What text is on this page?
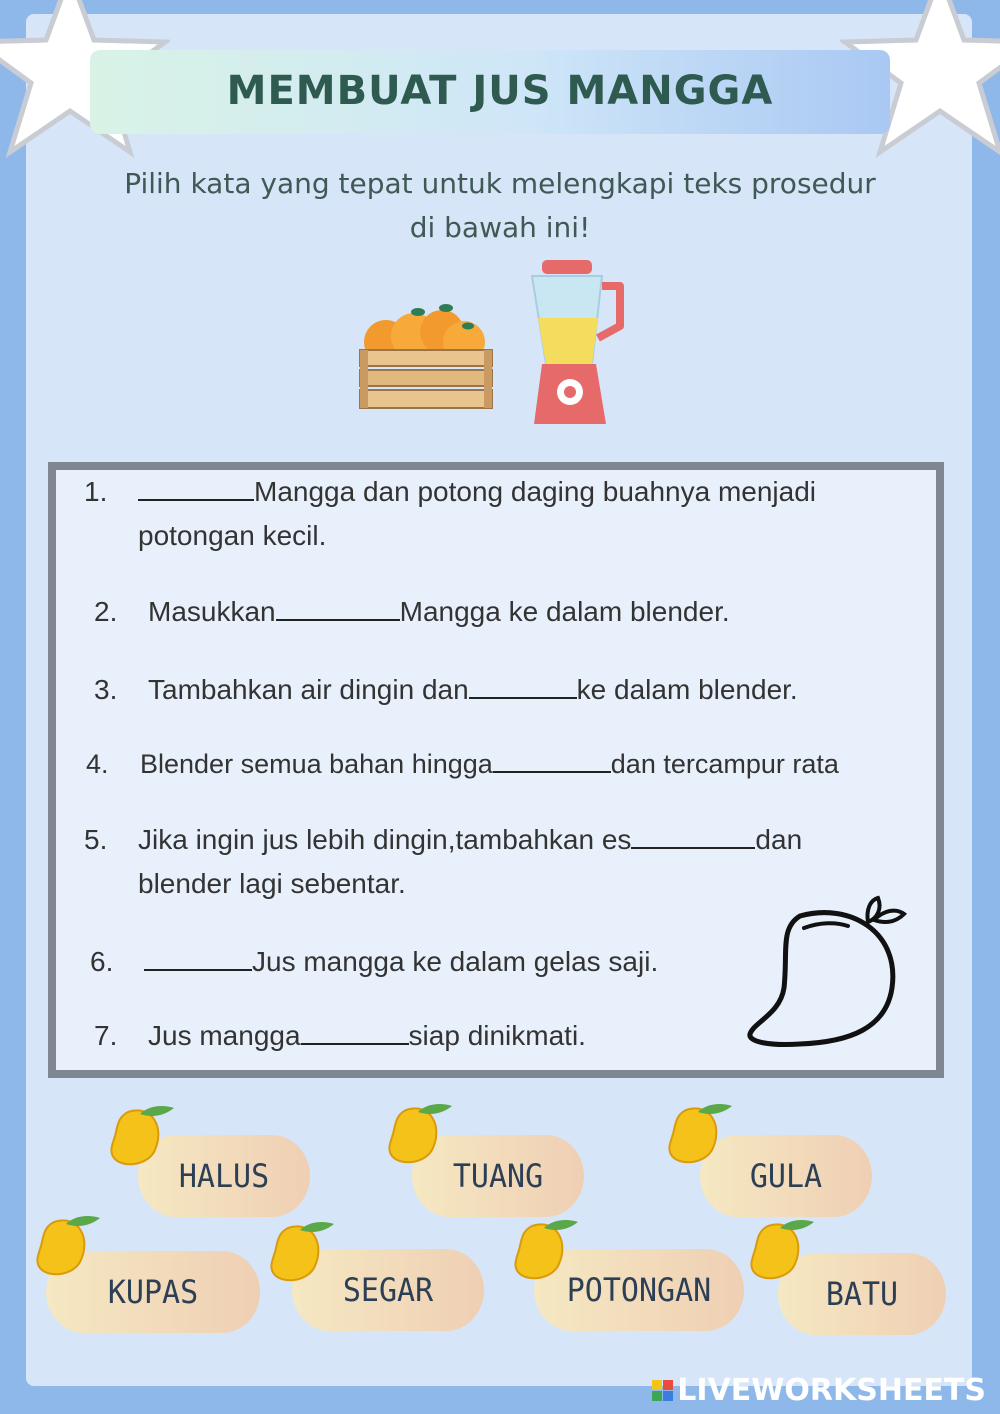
MEMBUAT JUS MANGGA
Pilih kata yang tepat untuk melengkapi teks prosedur
di bawah ini!
1.	Mangga dan potong daging buahnya menjadi
potongan kecil.
2. Masukkan	Mangga ke dalam blender.
3. Tambahkan air dingin dan	ke dalam blender.
4. Blender semua bahan hingga	dan tercampur rata
5. Jika ingin jus lebih dingin,tambahkan es	dan
blender lagi sebentar.
6.	Jus mangga ke dalam gelas saji.
7. Jus mangga	siap dinikmati.
HALUS	TUANG	GULA
KUPAS	SEGAR	POTONGAN	BATU
LIVEWORKSHEETS
